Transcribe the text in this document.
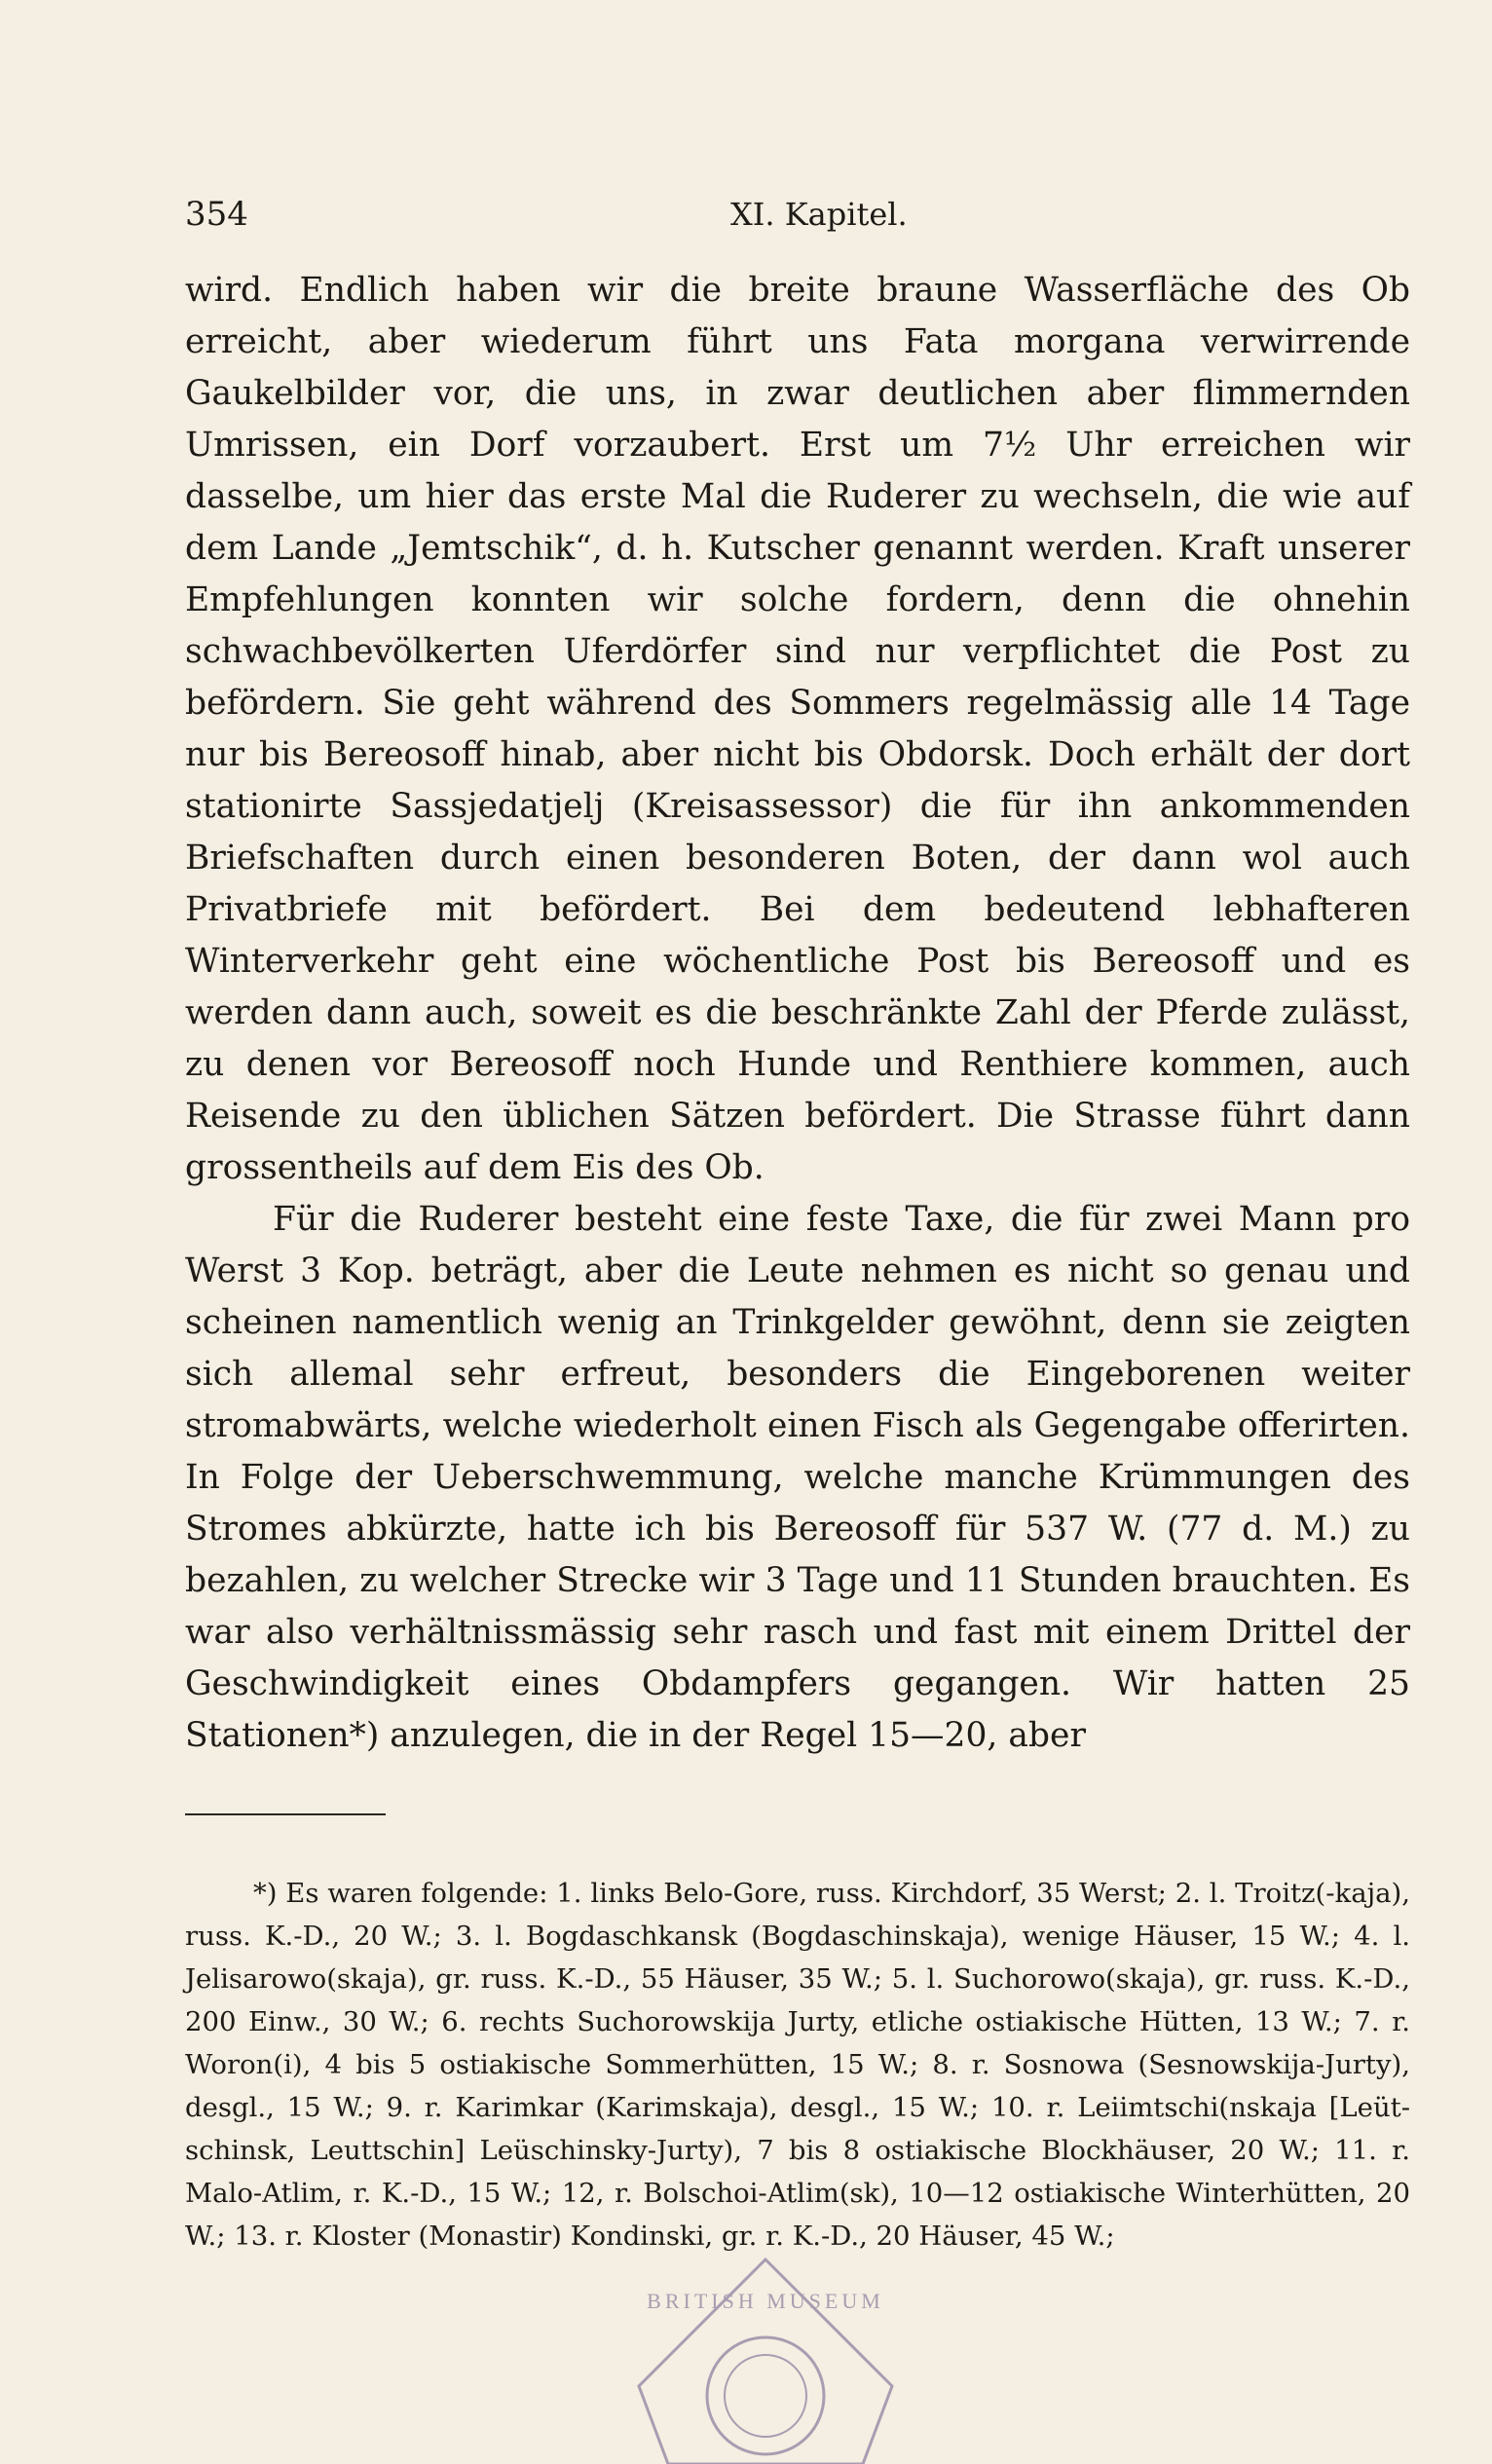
354	XI. Kapitel.

wird. Endlich haben wir die breite braune Wasserfläche des Ob erreicht, aber wiederum führt uns Fata morgana verwirrende Gaukelbilder vor, die uns, in zwar deutlichen aber flimmernden Umrissen, ein Dorf vorzaubert. Erst um 7½ Uhr erreichen wir dasselbe, um hier das erste Mal die Ruderer zu wechseln, die wie auf dem Lande „Jemtschik“, d. h. Kutscher genannt werden. Kraft unserer Empfehlungen konnten wir solche fordern, denn die ohnehin schwachbevölkerten Uferdörfer sind nur verpflichtet die Post zu befördern. Sie geht während des Sommers regelmässig alle 14 Tage nur bis Bereosoff hinab, aber nicht bis Obdorsk. Doch erhält der dort stationirte Sassjedatjelj (Kreisassessor) die für ihn ankommenden Briefschaften durch einen besonderen Boten, der dann wol auch Privatbriefe mit befördert. Bei dem bedeutend lebhafteren Winterverkehr geht eine wöchentliche Post bis Bereosoff und es werden dann auch, soweit es die beschränkte Zahl der Pferde zulässt, zu denen vor Bereosoff noch Hunde und Renthiere kommen, auch Reisende zu den üblichen Sätzen befördert. Die Strasse führt dann grossentheils auf dem Eis des Ob.

Für die Ruderer besteht eine feste Taxe, die für zwei Mann pro Werst 3 Kop. beträgt, aber die Leute nehmen es nicht so genau und scheinen namentlich wenig an Trinkgelder gewöhnt, denn sie zeigten sich allemal sehr erfreut, besonders die Eingeborenen weiter stromabwärts, welche wiederholt einen Fisch als Gegengabe offerirten. In Folge der Ueberschwemmung, welche manche Krümmungen des Stromes abkürzte, hatte ich bis Bereosoff für 537 W. (77 d. M.) zu bezahlen, zu welcher Strecke wir 3 Tage und 11 Stunden brauchten. Es war also verhältnissmässig sehr rasch und fast mit einem Drittel der Geschwindigkeit eines Obdampfers gegangen. Wir hatten 25 Stationen*) anzulegen, die in der Regel 15—20, aber

*) Es waren folgende: 1. links Belo-Gore, russ. Kirchdorf, 35 Werst; 2. l. Troitz(-kaja), russ. K.-D., 20 W.; 3. l. Bogdaschkansk (Bogdaschinskaja), wenige Häuser, 15 W.; 4. l. Jelisarowo(skaja), gr. russ. K.-D., 55 Häuser, 35 W.; 5. l. Suchorowo(skaja), gr. russ. K.-D., 200 Einw., 30 W.; 6. rechts Suchorowskija Jurty, etliche ostiakische Hütten, 13 W.; 7. r. Woron(i), 4 bis 5 ostiakische Sommerhütten, 15 W.; 8. r. Sosnowa (Sesnowskija-Jurty), desgl., 15 W.; 9. r. Karimkar (Karimskaja), desgl., 15 W.; 10. r. Leiimtschi(nskaja [Leüt-schinsk, Leuttschin] Leüschinsky-Jurty), 7 bis 8 ostiakische Blockhäuser, 20 W.; 11. r. Malo-Atlim, r. K.-D., 15 W.; 12, r. Bolschoi-Atlim(sk), 10—12 ostiakische Winterhütten, 20 W.; 13. r. Kloster (Monastir) Kondinski, gr. r. K.-D., 20 Häuser, 45 W.;

BRITISH MUSEUM
